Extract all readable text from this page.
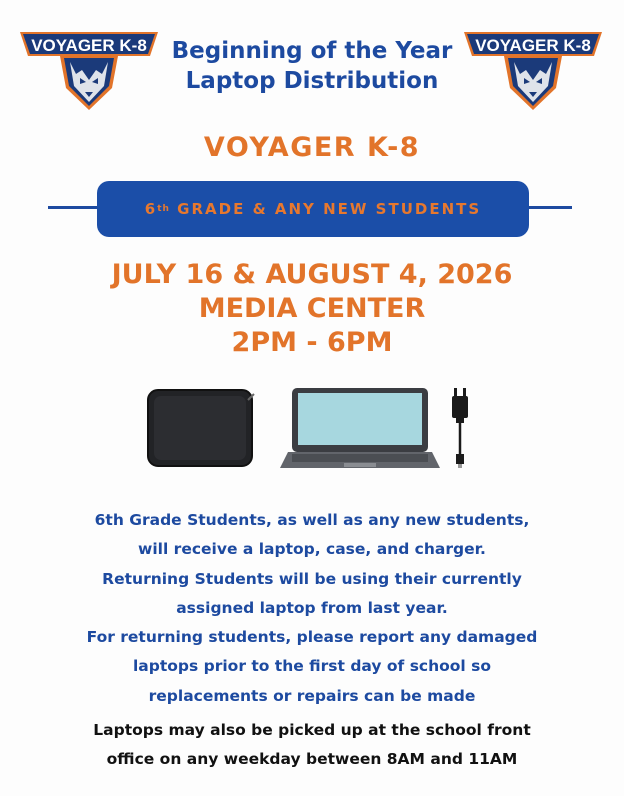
VOYAGER K-8	VOYAGER K-8
Beginning of the Year
Laptop Distribution
VOYAGER K-8
6 th GRADE & ANY NEW STUDENTS
JULY 16 & AUGUST 4, 2026
MEDIA CENTER
2PM - 6PM
6th Grade Students, as well as any new students,
will receive a laptop, case, and charger.
Returning Students will be using their currently
assigned laptop from last year.
For returning students, please report any damaged
laptops prior to the first day of school so
replacements or repairs can be made
Laptops may also be picked up at the school front
office on any weekday between 8AM and 11AM
